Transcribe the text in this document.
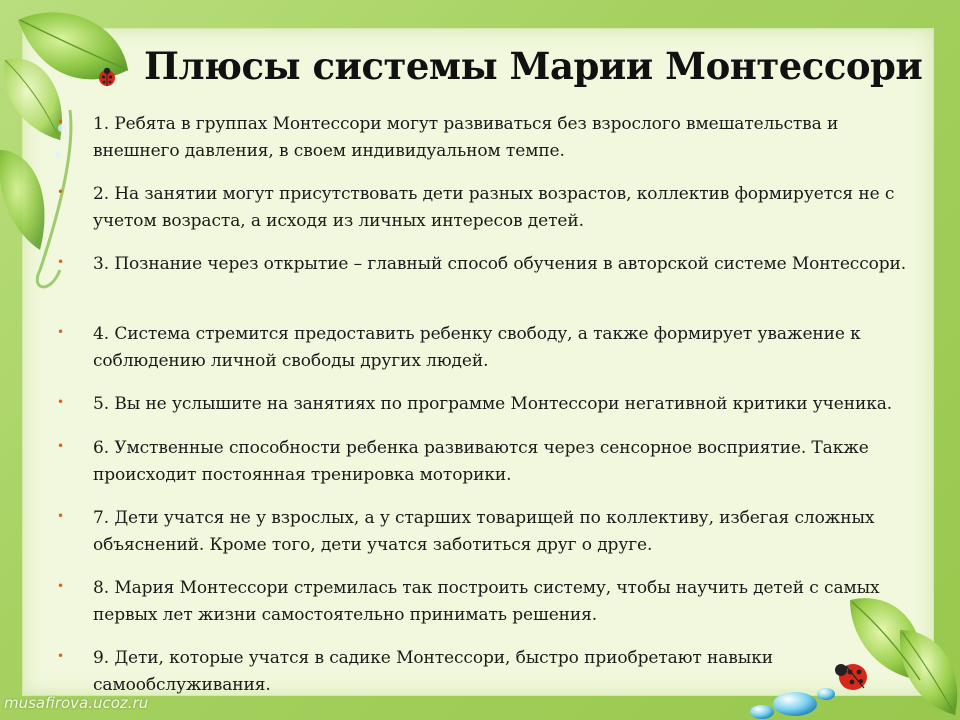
Плюсы системы Марии Монтессори
• 1. Ребята в группах Монтессори могут развиваться без взрослого вмешательства и внешнего давления, в своем индивидуальном темпе.
• 2. На занятии могут присутствовать дети разных возрастов, коллектив формируется не с учетом возраста, а исходя из личных интересов детей.
• 3. Познание через открытие – главный способ обучения в авторской системе Монтессори.
• 4. Система стремится предоставить ребенку свободу, а также формирует уважение к соблюдению личной свободы других людей.
• 5. Вы не услышите на занятиях по программе Монтессори негативной критики ученика.
• 6. Умственные способности ребенка развиваются через сенсорное восприятие. Также происходит постоянная тренировка моторики.
• 7. Дети учатся не у взрослых, а у старших товарищей по коллективу, избегая сложных объяснений. Кроме того, дети учатся заботиться друг о друге.
• 8. Мария Монтессори стремилась так построить систему, чтобы научить детей с самых первых лет жизни самостоятельно принимать решения.
• 9. Дети, которые учатся в садике Монтессори, быстро приобретают навыки самообслуживания.
musafirova.ucoz.ru
